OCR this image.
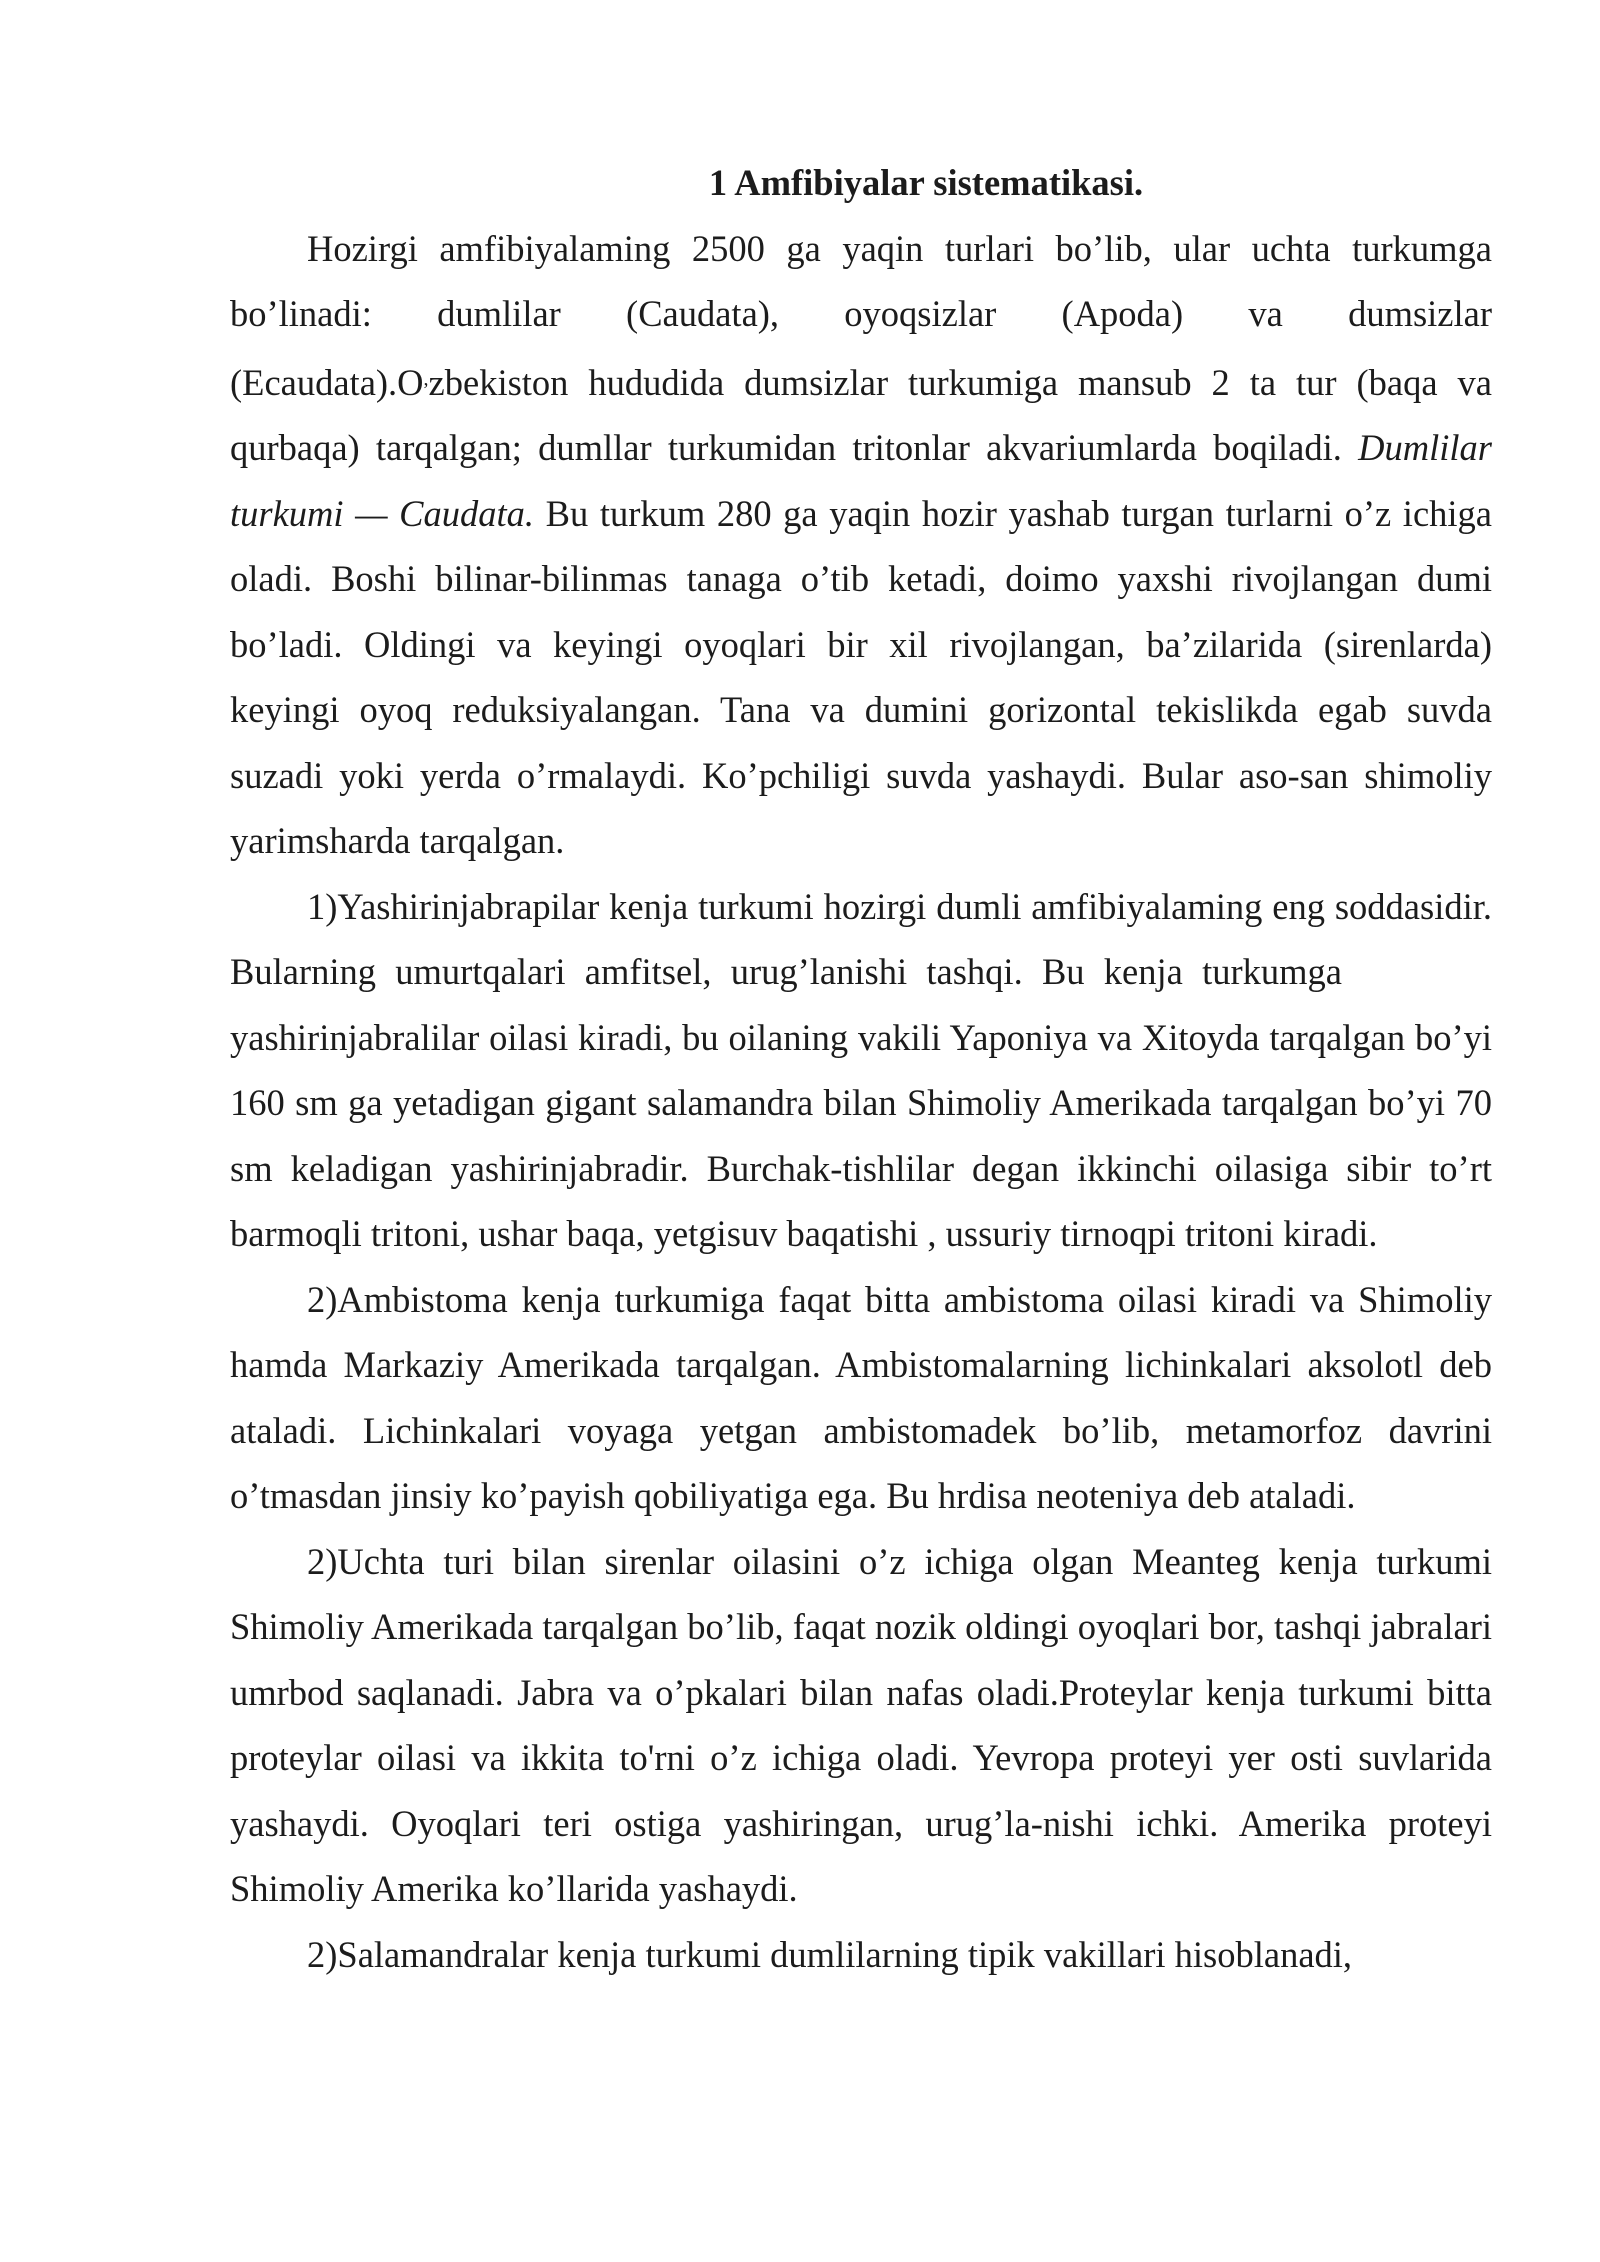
1 Amfibiyalar sistematikasi.

Hozirgi amfibiyalaming 2500 ga yaqin turlari bo’lib, ular uchta turkumga bo’linadi: dumlilar (Caudata), oyoqsizlar (Apoda) va dumsizlar (Ecaudata).O,zbekiston hududida dumsizlar turkumiga mansub 2 ta tur (baqa va qurbaqa) tarqalgan; dumllar turkumidan tritonlar akvariumlarda boqiladi. Dumlilar turkumi — Caudata. Bu turkum 280 ga yaqin hozir yashab turgan turlarni o’z ichiga oladi. Boshi bilinar-bilinmas tanaga o’tib ketadi, doimo yaxshi rivojlangan dumi bo’ladi. Oldingi va keyingi oyoqlari bir xil rivojlangan, ba’zilarida (sirenlarda) keyingi oyoq reduksiyalangan. Tana va dumini gorizontal tekislikda egab suvda suzadi yoki yerda o’rmalaydi. Ko’pchiligi suvda yashaydi. Bular aso-san shimoliy yarimsharda tarqalgan.

1)Yashirinjabrapilar kenja turkumi hozirgi dumli amfibiyalaming eng soddasidir. Bularning umurtqalari amfitsel, urug’lanishi tashqi. Bu kenja turkumgayashirinjabralilar oilasi kiradi, bu oilaning vakili Yaponiya va Xitoyda tarqalgan bo’yi 160 sm ga yetadigan gigant salamandra bilan Shimoliy Amerikada tarqalgan bo’yi 70 sm keladigan yashirinjabradir. Burchak-tishlilar degan ikkinchi oilasiga sibir to’rt barmoqli tritoni, ushar baqa, yetgisuv baqatishi , ussuriy tirnoqpi tritoni kiradi.

2)Ambistoma kenja turkumiga faqat bitta ambistoma oilasi kiradi va Shimoliy hamda Markaziy Amerikada tarqalgan. Ambistomalarning lichinkalari aksolotl deb ataladi. Lichinkalari voyaga yetgan ambistomadek bo’lib, metamorfoz davrini o’tmasdan jinsiy ko’payish qobiliyatiga ega. Bu hrdisa neoteniya deb ataladi.

2)Uchta turi bilan sirenlar oilasini o’z ichiga olgan Meanteg kenja turkumi Shimoliy Amerikada tarqalgan bo’lib, faqat nozik oldingi oyoqlari bor, tashqi jabralari umrbod saqlanadi. Jabra va o’pkalari bilan nafas oladi.Proteylar kenja turkumi bitta proteylar oilasi va ikkita to'rni o’z ichiga oladi. Yevropa proteyi yer osti suvlarida yashaydi. Oyoqlari teri ostiga yashiringan, urug’la-nishi ichki. Amerika proteyi Shimoliy Amerika ko’llarida yashaydi.

2)Salamandralar kenja turkumi dumlilarning tipik vakillari hisoblanadi,
